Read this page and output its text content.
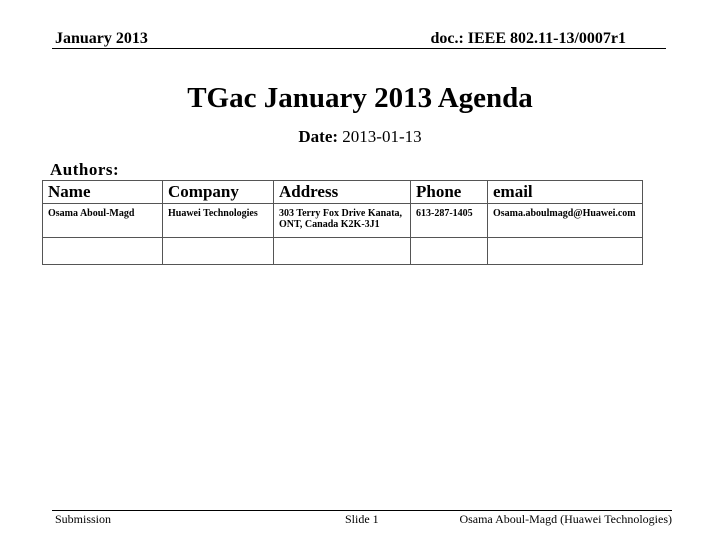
January 2013	doc.: IEEE 802.11-13/0007r1
TGac January 2013 Agenda
Date: 2013-01-13
Authors:
Name	Company	Address	Phone	email
Osama Aboul-Magd	Huawei Technologies	303 Terry Fox Drive Kanata, ONT, Canada K2K-3J1	613-287-1405	Osama.aboulmagd@Huawei.com

Submission	Slide 1	Osama Aboul-Magd (Huawei Technologies)
